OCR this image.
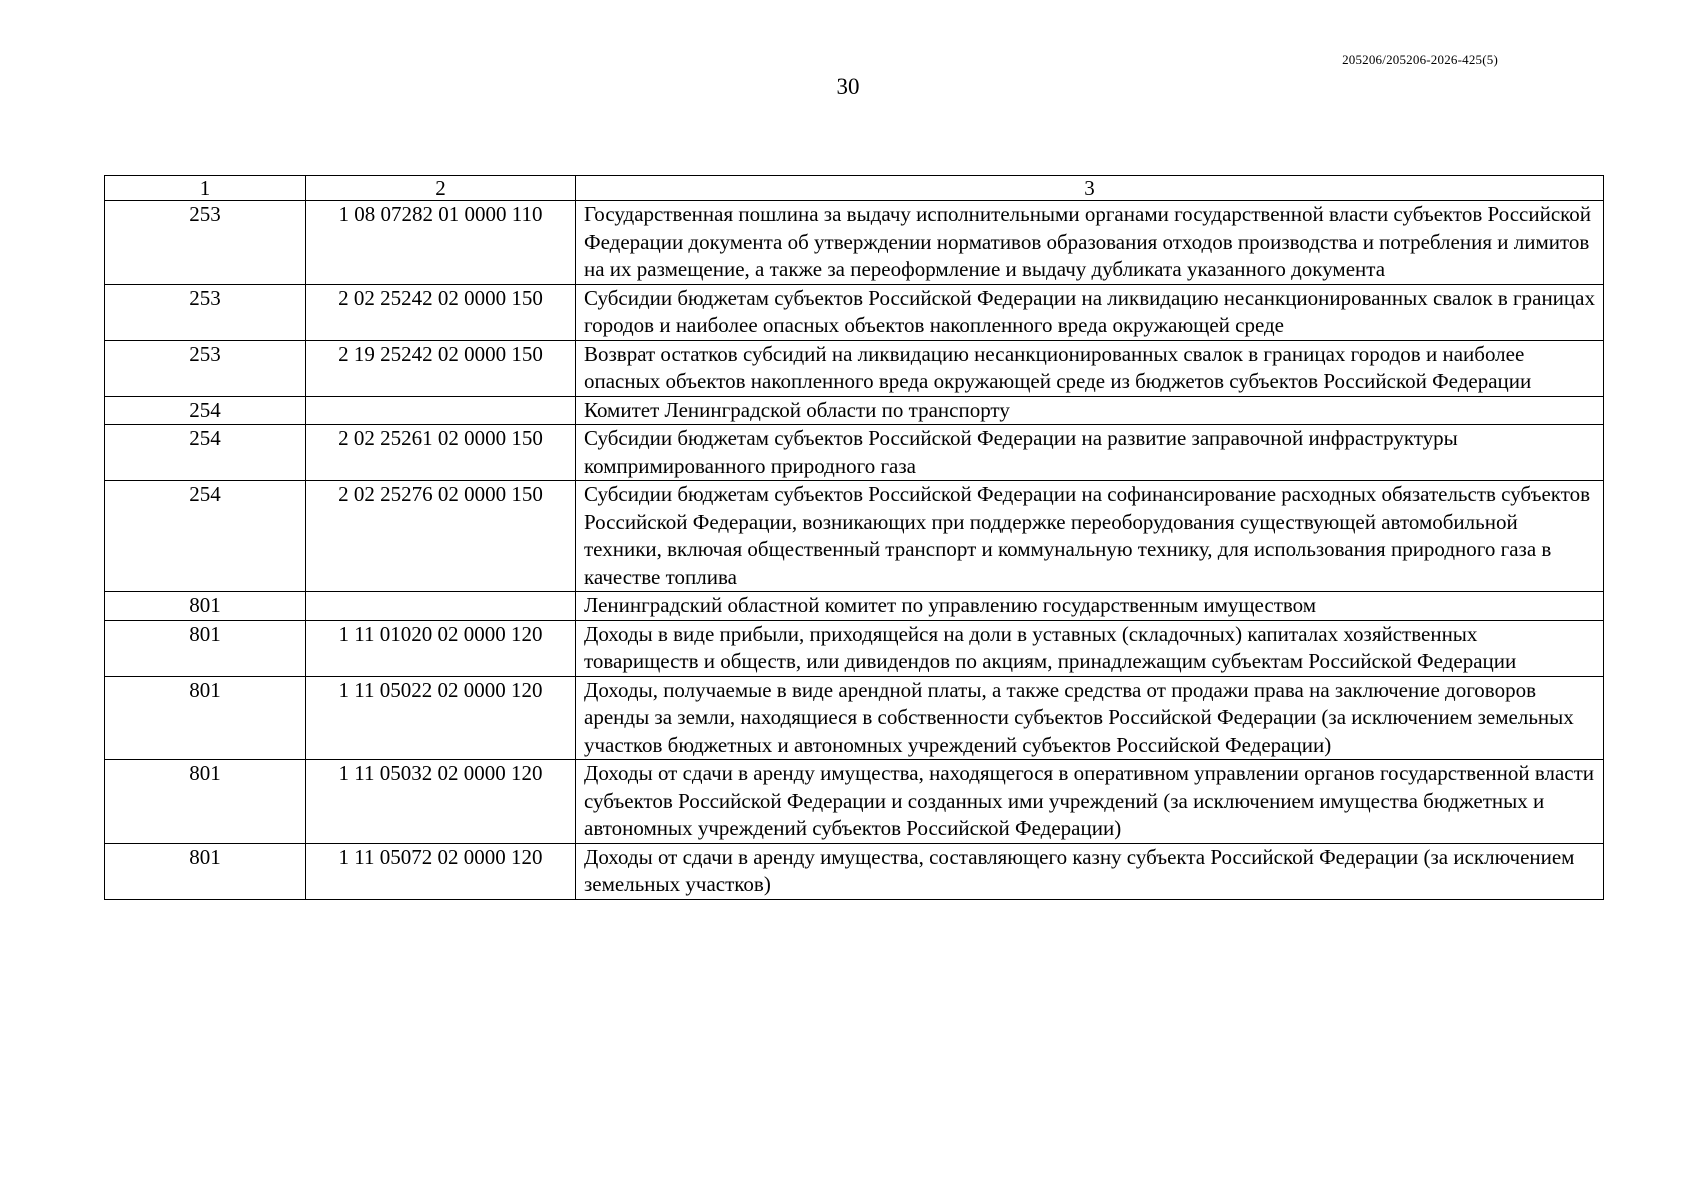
205206/205206-2026-425(5)
30
1	2	3
253	1 08 07282 01 0000 110	Государственная пошлина за выдачу исполнительными органами государственной власти субъектов Российской Федерации документа об утверждении нормативов образования отходов производства и потребления и лимитов на их размещение, а также за переоформление и выдачу дубликата указанного документа
253	2 02 25242 02 0000 150	Субсидии бюджетам субъектов Российской Федерации на ликвидацию несанкционированных свалок в границах городов и наиболее опасных объектов накопленного вреда окружающей среде
253	2 19 25242 02 0000 150	Возврат остатков субсидий на ликвидацию несанкционированных свалок в границах городов и наиболее опасных объектов накопленного вреда окружающей среде из бюджетов субъектов Российской Федерации
254		Комитет Ленинградской области по транспорту
254	2 02 25261 02 0000 150	Субсидии бюджетам субъектов Российской Федерации на развитие заправочной инфраструктуры компримированного природного газа
254	2 02 25276 02 0000 150	Субсидии бюджетам субъектов Российской Федерации на софинансирование расходных обязательств субъектов Российской Федерации, возникающих при поддержке переоборудования существующей автомобильной техники, включая общественный транспорт и коммунальную технику, для использования природного газа в качестве топлива
801		Ленинградский областной комитет по управлению государственным имуществом
801	1 11 01020 02 0000 120	Доходы в виде прибыли, приходящейся на доли в уставных (складочных) капиталах хозяйственных товариществ и обществ, или дивидендов по акциям, принадлежащим субъектам Российской Федерации
801	1 11 05022 02 0000 120	Доходы, получаемые в виде арендной платы, а также средства от продажи права на заключение договоров аренды за земли, находящиеся в собственности субъектов Российской Федерации (за исключением земельных участков бюджетных и автономных учреждений субъектов Российской Федерации)
801	1 11 05032 02 0000 120	Доходы от сдачи в аренду имущества, находящегося в оперативном управлении органов государственной власти субъектов Российской Федерации и созданных ими учреждений (за исключением имущества бюджетных и автономных учреждений субъектов Российской Федерации)
801	1 11 05072 02 0000 120	Доходы от сдачи в аренду имущества, составляющего казну субъекта Российской Федерации (за исключением земельных участков)
